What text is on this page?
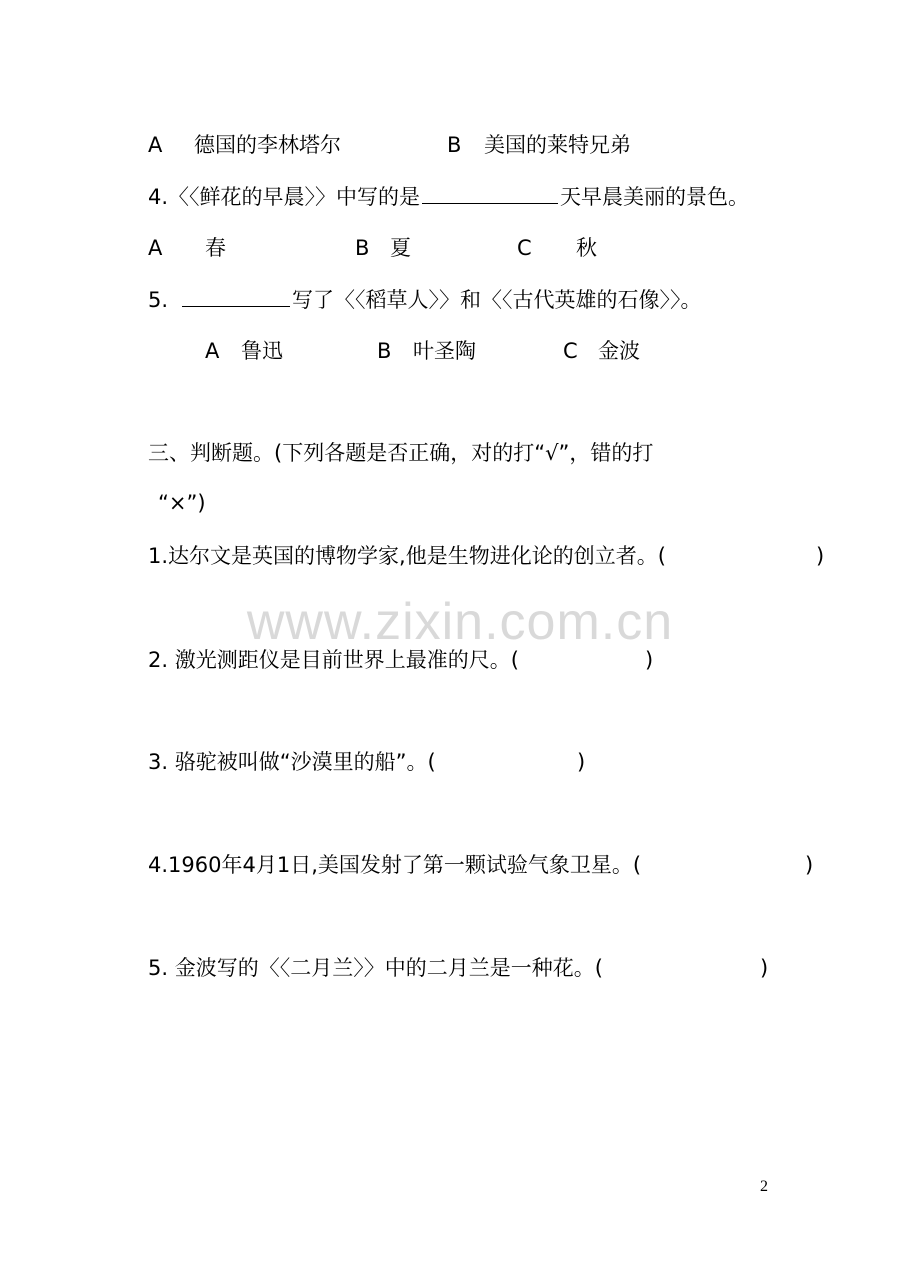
A 德国的李林塔尔	B 美国的莱特兄弟
4.〈〈鲜花的早晨〉〉中写的是	天早晨美丽的景色。
A 春	B 夏	C 秋
5.	写了〈〈稻草人〉〉和〈〈古代英雄的石像〉〉。
A 鲁迅	B 叶圣陶	C 金波
三、判断题。(下列各题是否正确，对的打“√”，错的打
“×”)
1.达尔文是英国的博物学家,他是生物进化论的创立者。(	)
2. 激光测距仪是目前世界上最准的尺。(	)
3. 骆驼被叫做“沙漠里的船”。(	)
4.1960年4月1日,美国发射了第一颗试验气象卫星。(	)
5. 金波写的〈〈二月兰〉〉中的二月兰是一种花。(	)
www.zixin.com.cn
2
